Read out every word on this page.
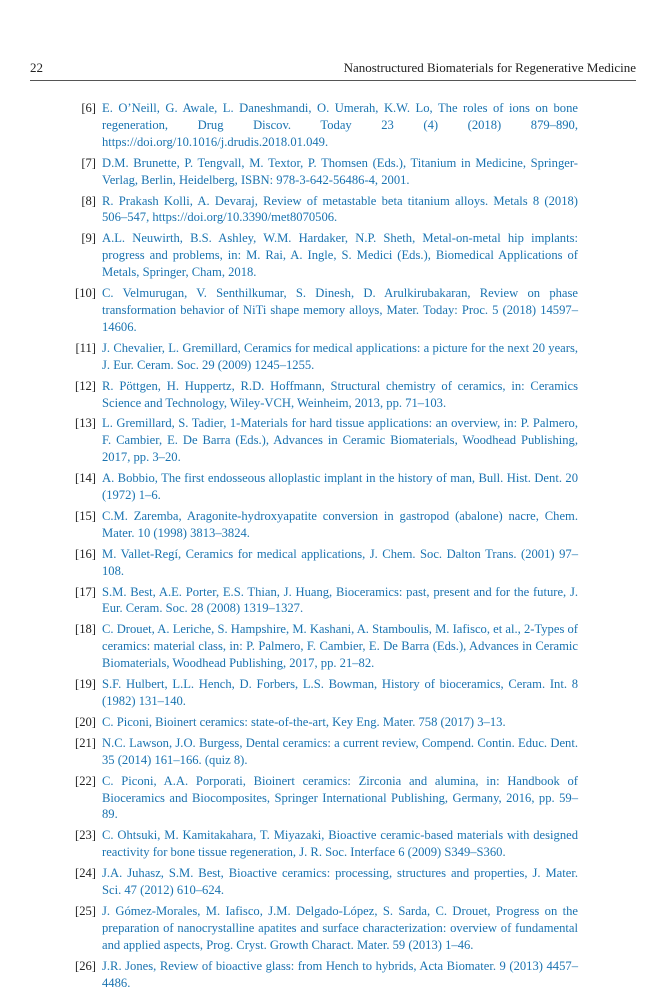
22	Nanostructured Biomaterials for Regenerative Medicine
[6] E. O’Neill, G. Awale, L. Daneshmandi, O. Umerah, K.W. Lo, The roles of ions on bone regeneration, Drug Discov. Today 23 (4) (2018) 879–890, https://doi.org/10.1016/j.drudis.2018.01.049.
[7] D.M. Brunette, P. Tengvall, M. Textor, P. Thomsen (Eds.), Titanium in Medicine, Springer-Verlag, Berlin, Heidelberg, ISBN: 978-3-642-56486-4, 2001.
[8] R. Prakash Kolli, A. Devaraj, Review of metastable beta titanium alloys. Metals 8 (2018) 506–547, https://doi.org/10.3390/met8070506.
[9] A.L. Neuwirth, B.S. Ashley, W.M. Hardaker, N.P. Sheth, Metal-on-metal hip implants: progress and problems, in: M. Rai, A. Ingle, S. Medici (Eds.), Biomedical Applications of Metals, Springer, Cham, 2018.
[10] C. Velmurugan, V. Senthilkumar, S. Dinesh, D. Arulkirubakaran, Review on phase transformation behavior of NiTi shape memory alloys, Mater. Today: Proc. 5 (2018) 14597–14606.
[11] J. Chevalier, L. Gremillard, Ceramics for medical applications: a picture for the next 20 years, J. Eur. Ceram. Soc. 29 (2009) 1245–1255.
[12] R. Pöttgen, H. Huppertz, R.D. Hoffmann, Structural chemistry of ceramics, in: Ceramics Science and Technology, Wiley-VCH, Weinheim, 2013, pp. 71–103.
[13] L. Gremillard, S. Tadier, 1-Materials for hard tissue applications: an overview, in: P. Palmero, F. Cambier, E. De Barra (Eds.), Advances in Ceramic Biomaterials, Woodhead Publishing, 2017, pp. 3–20.
[14] A. Bobbio, The first endosseous alloplastic implant in the history of man, Bull. Hist. Dent. 20 (1972) 1–6.
[15] C.M. Zaremba, Aragonite-hydroxyapatite conversion in gastropod (abalone) nacre, Chem. Mater. 10 (1998) 3813–3824.
[16] M. Vallet-Regí, Ceramics for medical applications, J. Chem. Soc. Dalton Trans. (2001) 97–108.
[17] S.M. Best, A.E. Porter, E.S. Thian, J. Huang, Bioceramics: past, present and for the future, J. Eur. Ceram. Soc. 28 (2008) 1319–1327.
[18] C. Drouet, A. Leriche, S. Hampshire, M. Kashani, A. Stamboulis, M. Iafisco, et al., 2-Types of ceramics: material class, in: P. Palmero, F. Cambier, E. De Barra (Eds.), Advances in Ceramic Biomaterials, Woodhead Publishing, 2017, pp. 21–82.
[19] S.F. Hulbert, L.L. Hench, D. Forbers, L.S. Bowman, History of bioceramics, Ceram. Int. 8 (1982) 131–140.
[20] C. Piconi, Bioinert ceramics: state-of-the-art, Key Eng. Mater. 758 (2017) 3–13.
[21] N.C. Lawson, J.O. Burgess, Dental ceramics: a current review, Compend. Contin. Educ. Dent. 35 (2014) 161–166. (quiz 8).
[22] C. Piconi, A.A. Porporati, Bioinert ceramics: Zirconia and alumina, in: Handbook of Bioceramics and Biocomposites, Springer International Publishing, Germany, 2016, pp. 59–89.
[23] C. Ohtsuki, M. Kamitakahara, T. Miyazaki, Bioactive ceramic-based materials with designed reactivity for bone tissue regeneration, J. R. Soc. Interface 6 (2009) S349–S360.
[24] J.A. Juhasz, S.M. Best, Bioactive ceramics: processing, structures and properties, J. Mater. Sci. 47 (2012) 610–624.
[25] J. Gómez-Morales, M. Iafisco, J.M. Delgado-López, S. Sarda, C. Drouet, Progress on the preparation of nanocrystalline apatites and surface characterization: overview of fundamental and applied aspects, Prog. Cryst. Growth Charact. Mater. 59 (2013) 1–46.
[26] J.R. Jones, Review of bioactive glass: from Hench to hybrids, Acta Biomater. 9 (2013) 4457–4486.
